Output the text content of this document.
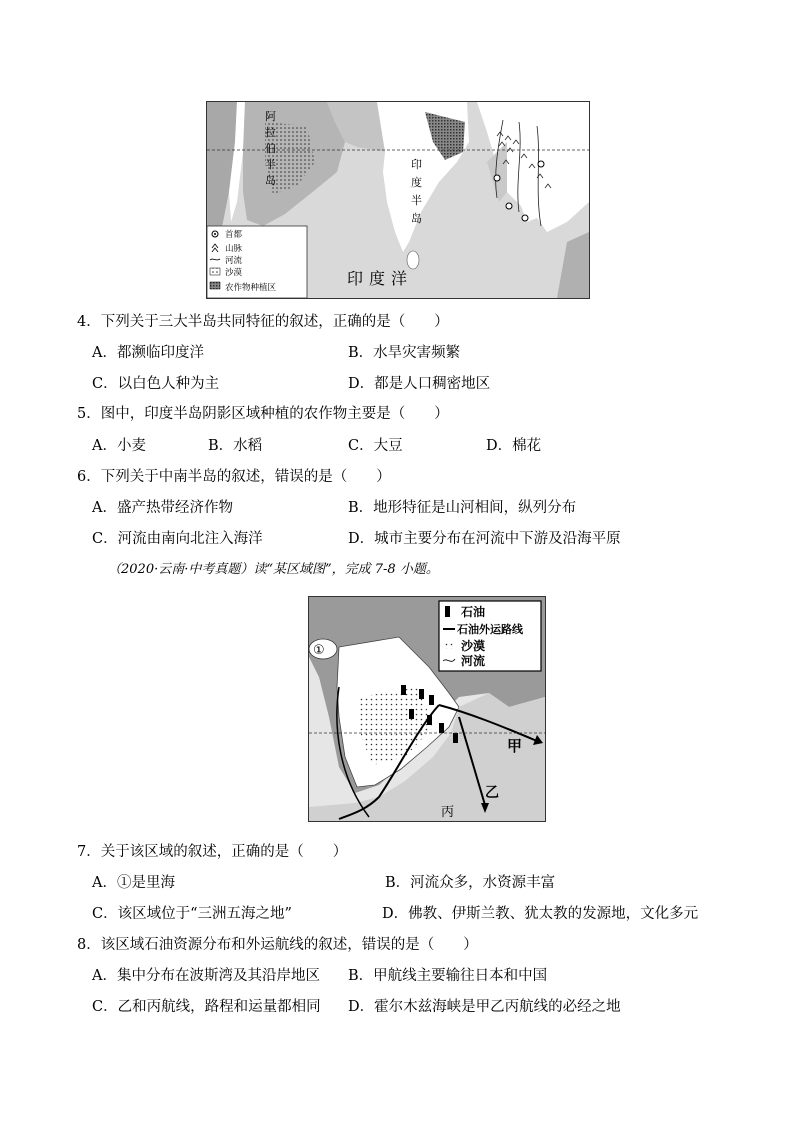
阿拉伯半岛
印度半岛
印度洋
首都
山脉
河流
沙漠
农作物种植区
4．下列关于三大半岛共同特征的叙述，正确的是（　　）
A．都濒临印度洋	B．水旱灾害频繁
C．以白色人种为主	D．都是人口稠密地区
5．图中，印度半岛阴影区域种植的农作物主要是（　　）
A．小麦	B．水稻	C．大豆	D．棉花
6．下列关于中南半岛的叙述，错误的是（　　）
A．盛产热带经济作物	B．地形特征是山河相间，纵列分布
C．河流由南向北注入海洋	D．城市主要分布在河流中下游及沿海平原
（2020·云南·中考真题）读“某区域图”，完成 7-8 小题。
①
甲
乙
丙
石油
石油外运路线
沙漠
河流
7．关于该区域的叙述，正确的是（　　）
A．①是里海	B．河流众多，水资源丰富
C．该区域位于“三洲五海之地”	D．佛教、伊斯兰教、犹太教的发源地，文化多元
8．该区域石油资源分布和外运航线的叙述，错误的是（　　）
A．集中分布在波斯湾及其沿岸地区 B．甲航线主要输往日本和中国
C．乙和丙航线，路程和运量都相同 D．霍尔木兹海峡是甲乙丙航线的必经之地
